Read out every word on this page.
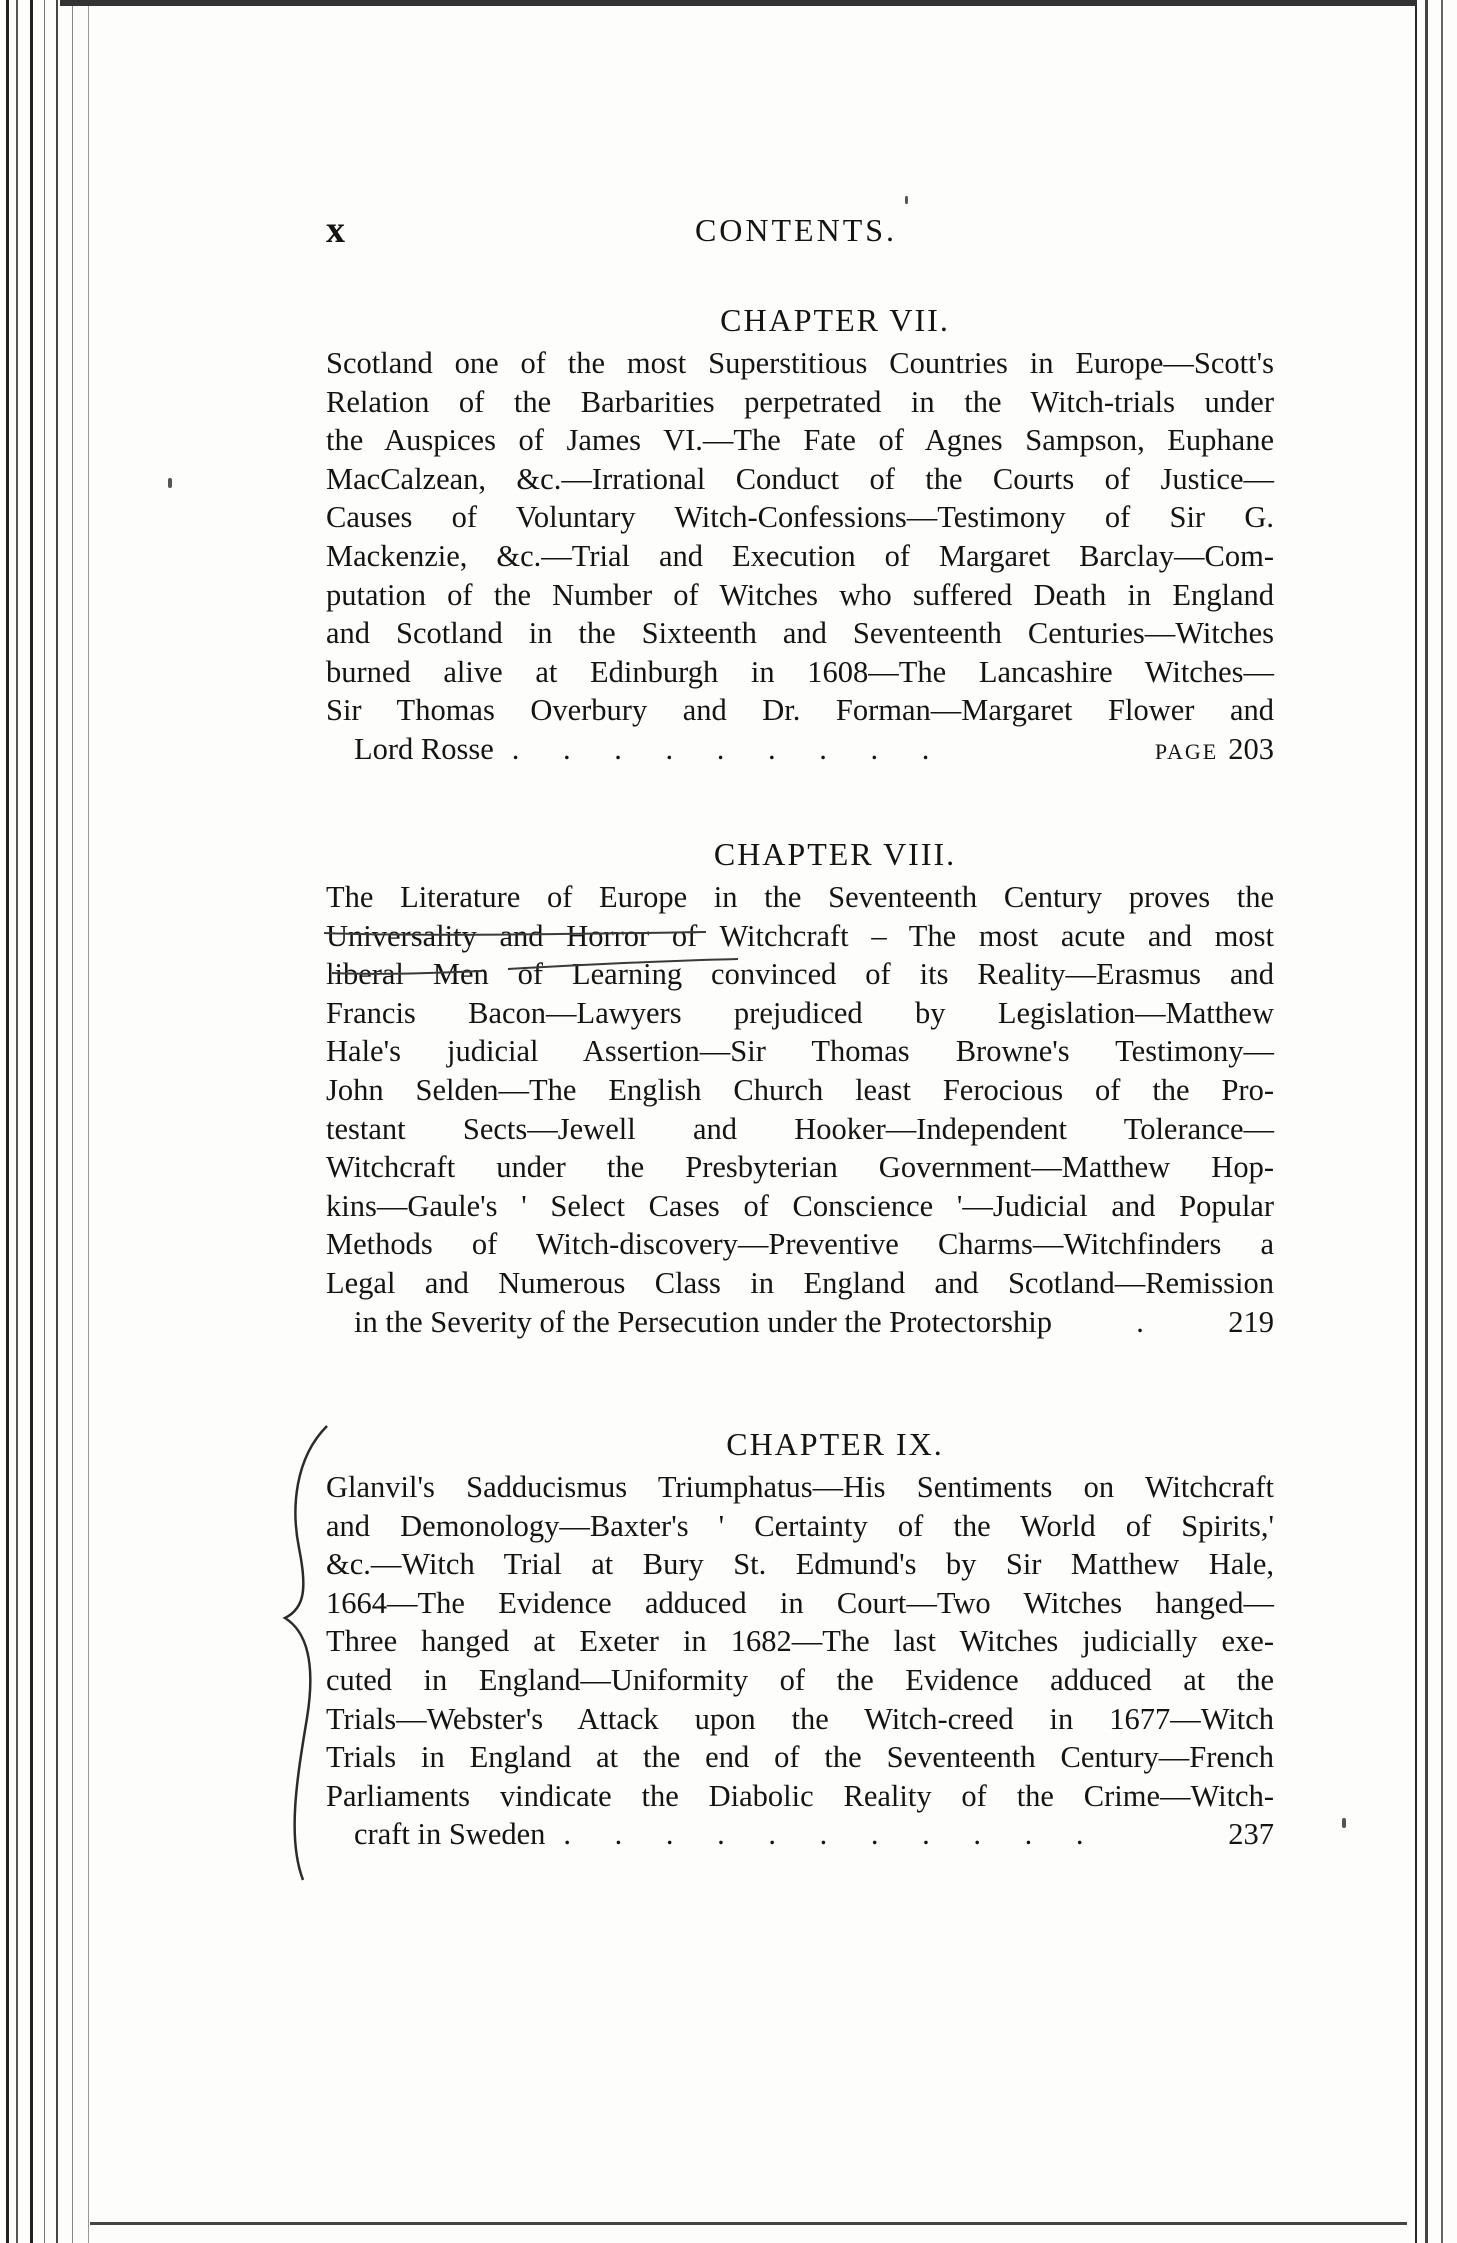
x	CONTENTS.
CHAPTER VII.
Scotland one of the most Superstitious Countries in Europe—Scott's
Relation of the Barbarities perpetrated in the Witch-trials under
the Auspices of James VI.—The Fate of Agnes Sampson, Euphane
MacCalzean, &c.—Irrational Conduct of the Courts of Justice—
Causes of Voluntary Witch-Confessions—Testimony of Sir G.
Mackenzie, &c.—Trial and Execution of Margaret Barclay—Com-
putation of the Number of Witches who suffered Death in England
and Scotland in the Sixteenth and Seventeenth Centuries—Witches
burned alive at Edinburgh in 1608—The Lancashire Witches—
Sir Thomas Overbury and Dr. Forman—Margaret Flower and
Lord Rosse . . . . . . . . .	PAGE 203
CHAPTER VIII.
The Literature of Europe in the Seventeenth Century proves the
Universality and Horror of Witchcraft – The most acute and most
liberal Men of Learning convinced of its Reality—Erasmus and
Francis Bacon—Lawyers prejudiced by Legislation—Matthew
Hale's judicial Assertion—Sir Thomas Browne's Testimony—
John Selden—The English Church least Ferocious of the Pro-
testant Sects—Jewell and Hooker—Independent Tolerance—
Witchcraft under the Presbyterian Government—Matthew Hop-
kins—Gaule's ' Select Cases of Conscience '—Judicial and Popular
Methods of Witch-discovery—Preventive Charms—Witchfinders a
Legal and Numerous Class in England and Scotland—Remission
in the Severity of the Persecution under the Protectorship	.	219
CHAPTER IX.
Glanvil's Sadducismus Triumphatus—His Sentiments on Witchcraft
and Demonology—Baxter's ' Certainty of the World of Spirits,'
&c.—Witch Trial at Bury St. Edmund's by Sir Matthew Hale,
1664—The Evidence adduced in Court—Two Witches hanged—
Three hanged at Exeter in 1682—The last Witches judicially exe-
cuted in England—Uniformity of the Evidence adduced at the
Trials—Webster's Attack upon the Witch-creed in 1677—Witch
Trials in England at the end of the Seventeenth Century—French
Parliaments vindicate the Diabolic Reality of the Crime—Witch-
craft in Sweden . . . . . . . . . . .	237
